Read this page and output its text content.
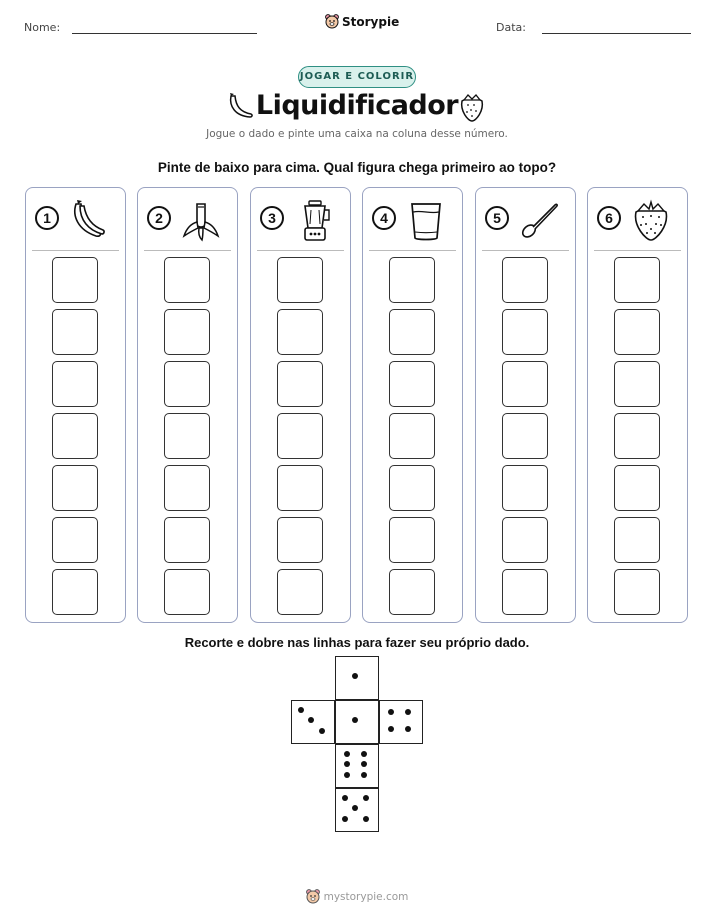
Nome:	Storypie	Data:
JOGAR E COLORIR
Liquidificador
Jogue o dado e pinte uma caixa na coluna desse número.
Pinte de baixo para cima. Qual figura chega primeiro ao topo?
1	2	3	4	5	6
Recorte e dobre nas linhas para fazer seu próprio dado.
mystorypie.com
